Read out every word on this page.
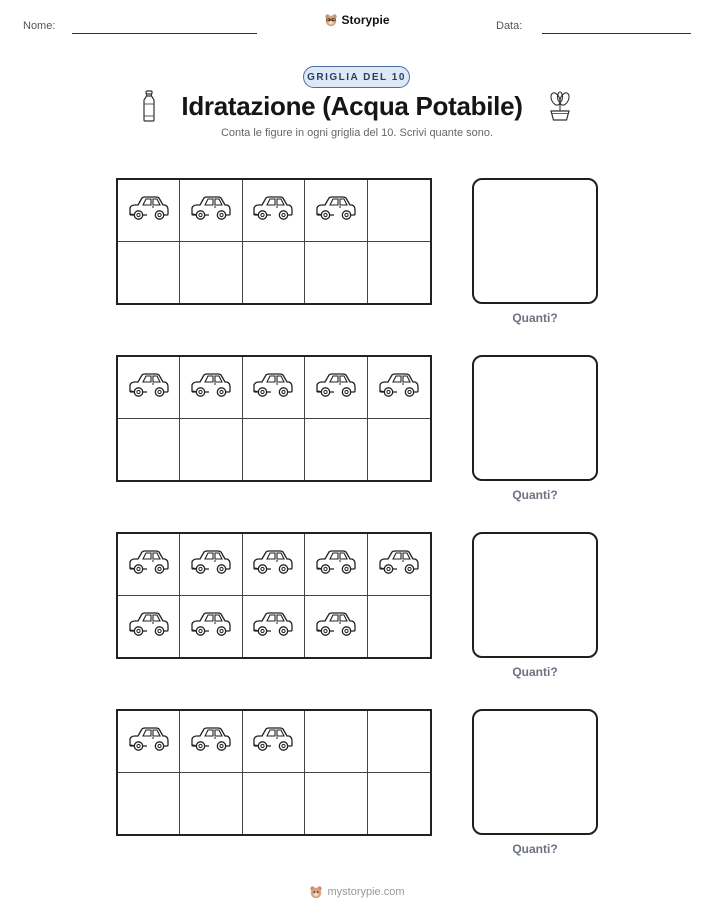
Nome:	Storypie	Data:
GRIGLIA DEL 10
Idratazione (Acqua Potabile)
Conta le figure in ogni griglia del 10. Scrivi quante sono.
Quanti?
Quanti?
Quanti?
Quanti?
mystorypie.com
